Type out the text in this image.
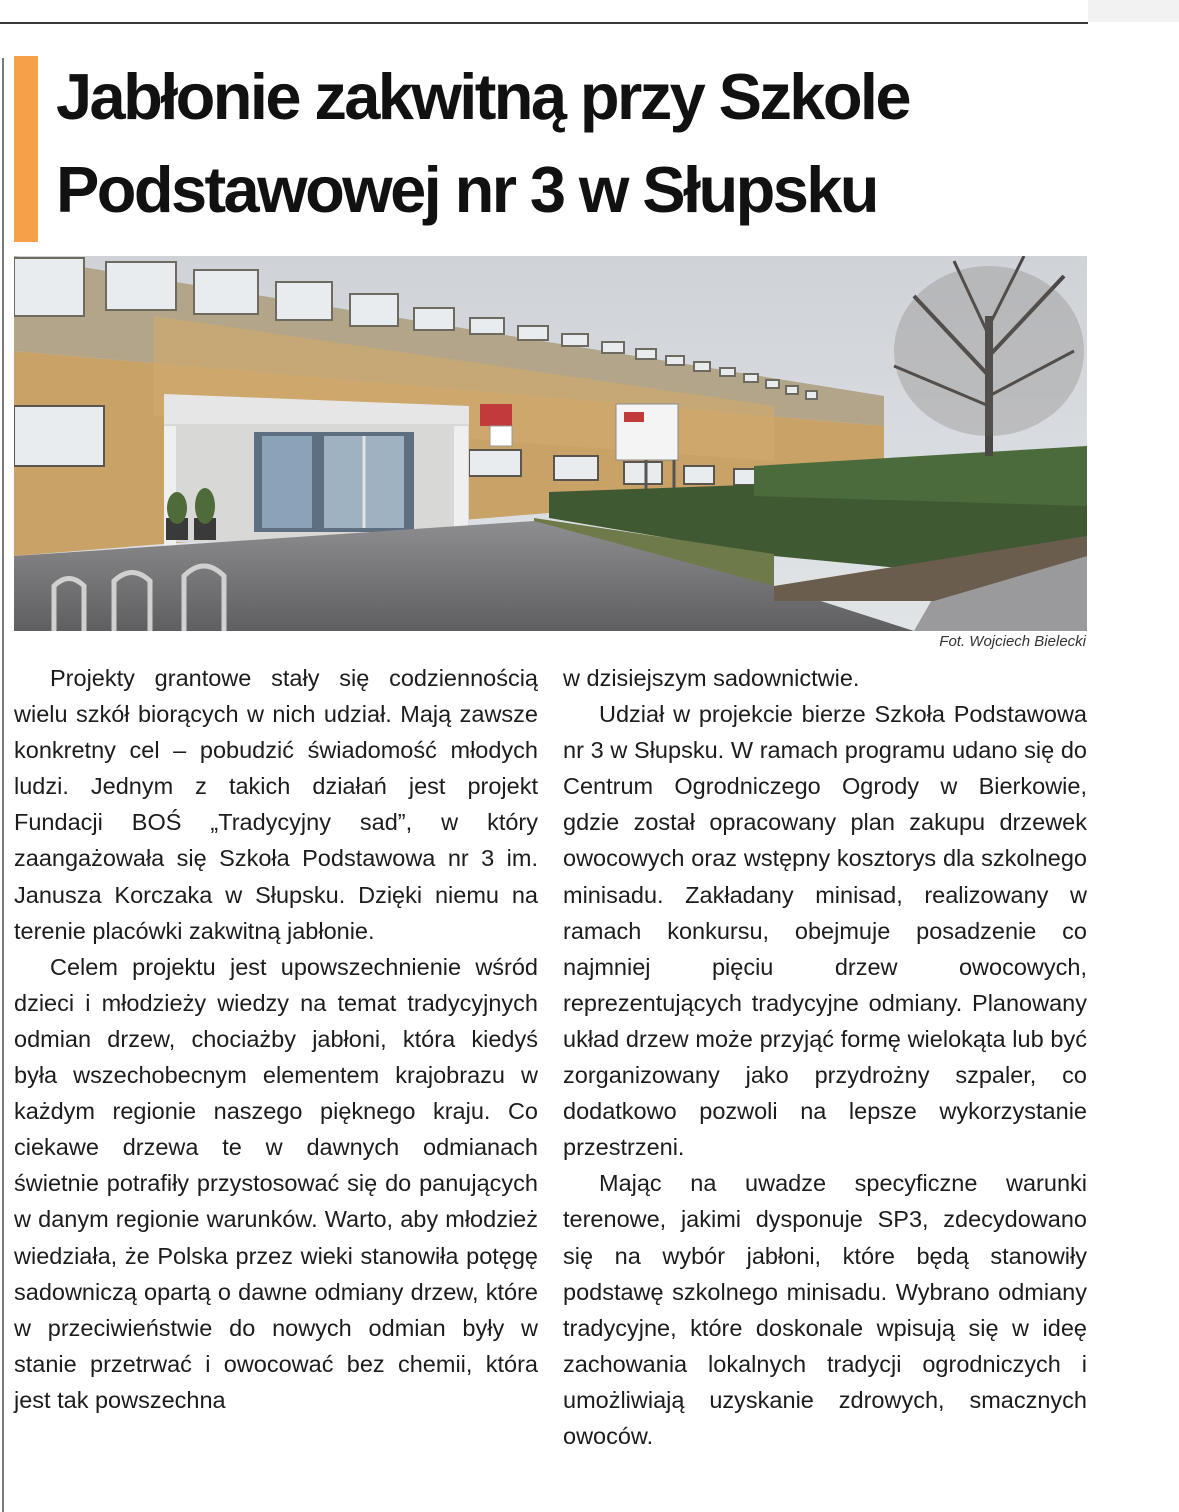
Jabłonie zakwitną przy Szkole Podstawowej nr 3 w Słupsku
Fot. Wojciech Bielecki

Projekty grantowe stały się codziennością wielu szkół biorących w nich udział. Mają zawsze konkretny cel – pobudzić świadomość młodych ludzi. Jednym z takich działań jest projekt Fundacji BOŚ „Tradycyjny sad”, w który zaangażowała się Szkoła Podstawowa nr 3 im. Janusza Korczaka w Słupsku. Dzięki niemu na terenie placówki zakwitną jabłonie.

Celem projektu jest upowszechnienie wśród dzieci i młodzieży wiedzy na temat tradycyjnych odmian drzew, chociażby jabłoni, która kiedyś była wszechobecnym elementem krajobrazu w każdym regionie naszego pięknego kraju. Co ciekawe drzewa te w dawnych odmianach świetnie potrafiły przystosować się do panujących w danym regionie warunków. Warto, aby młodzież wiedziała, że Polska przez wieki stanowiła potęgę sadowniczą opartą o dawne odmiany drzew, które w przeciwieństwie do nowych odmian były w stanie przetrwać i owocować bez chemii, która jest tak powszechna

w dzisiejszym sadownictwie.

Udział w projekcie bierze Szkoła Podstawowa nr 3 w Słupsku. W ramach programu udano się do Centrum Ogrodniczego Ogrody w Bierkowie, gdzie został opracowany plan zakupu drzewek owocowych oraz wstępny kosztorys dla szkolnego minisadu. Zakładany minisad, realizowany w ramach konkursu, obejmuje posadzenie co najmniej pięciu drzew owocowych, reprezentujących tradycyjne odmiany. Planowany układ drzew może przyjąć formę wielokąta lub być zorganizowany jako przydrożny szpaler, co dodatkowo pozwoli na lepsze wykorzystanie przestrzeni.

Mając na uwadze specyficzne warunki terenowe, jakimi dysponuje SP3, zdecydowano się na wybór jabłoni, które będą stanowiły podstawę szkolnego minisadu. Wybrano odmiany tradycyjne, które doskonale wpisują się w ideę zachowania lokalnych tradycji ogrodniczych i umożliwiają uzyskanie zdrowych, smacznych owoców.
